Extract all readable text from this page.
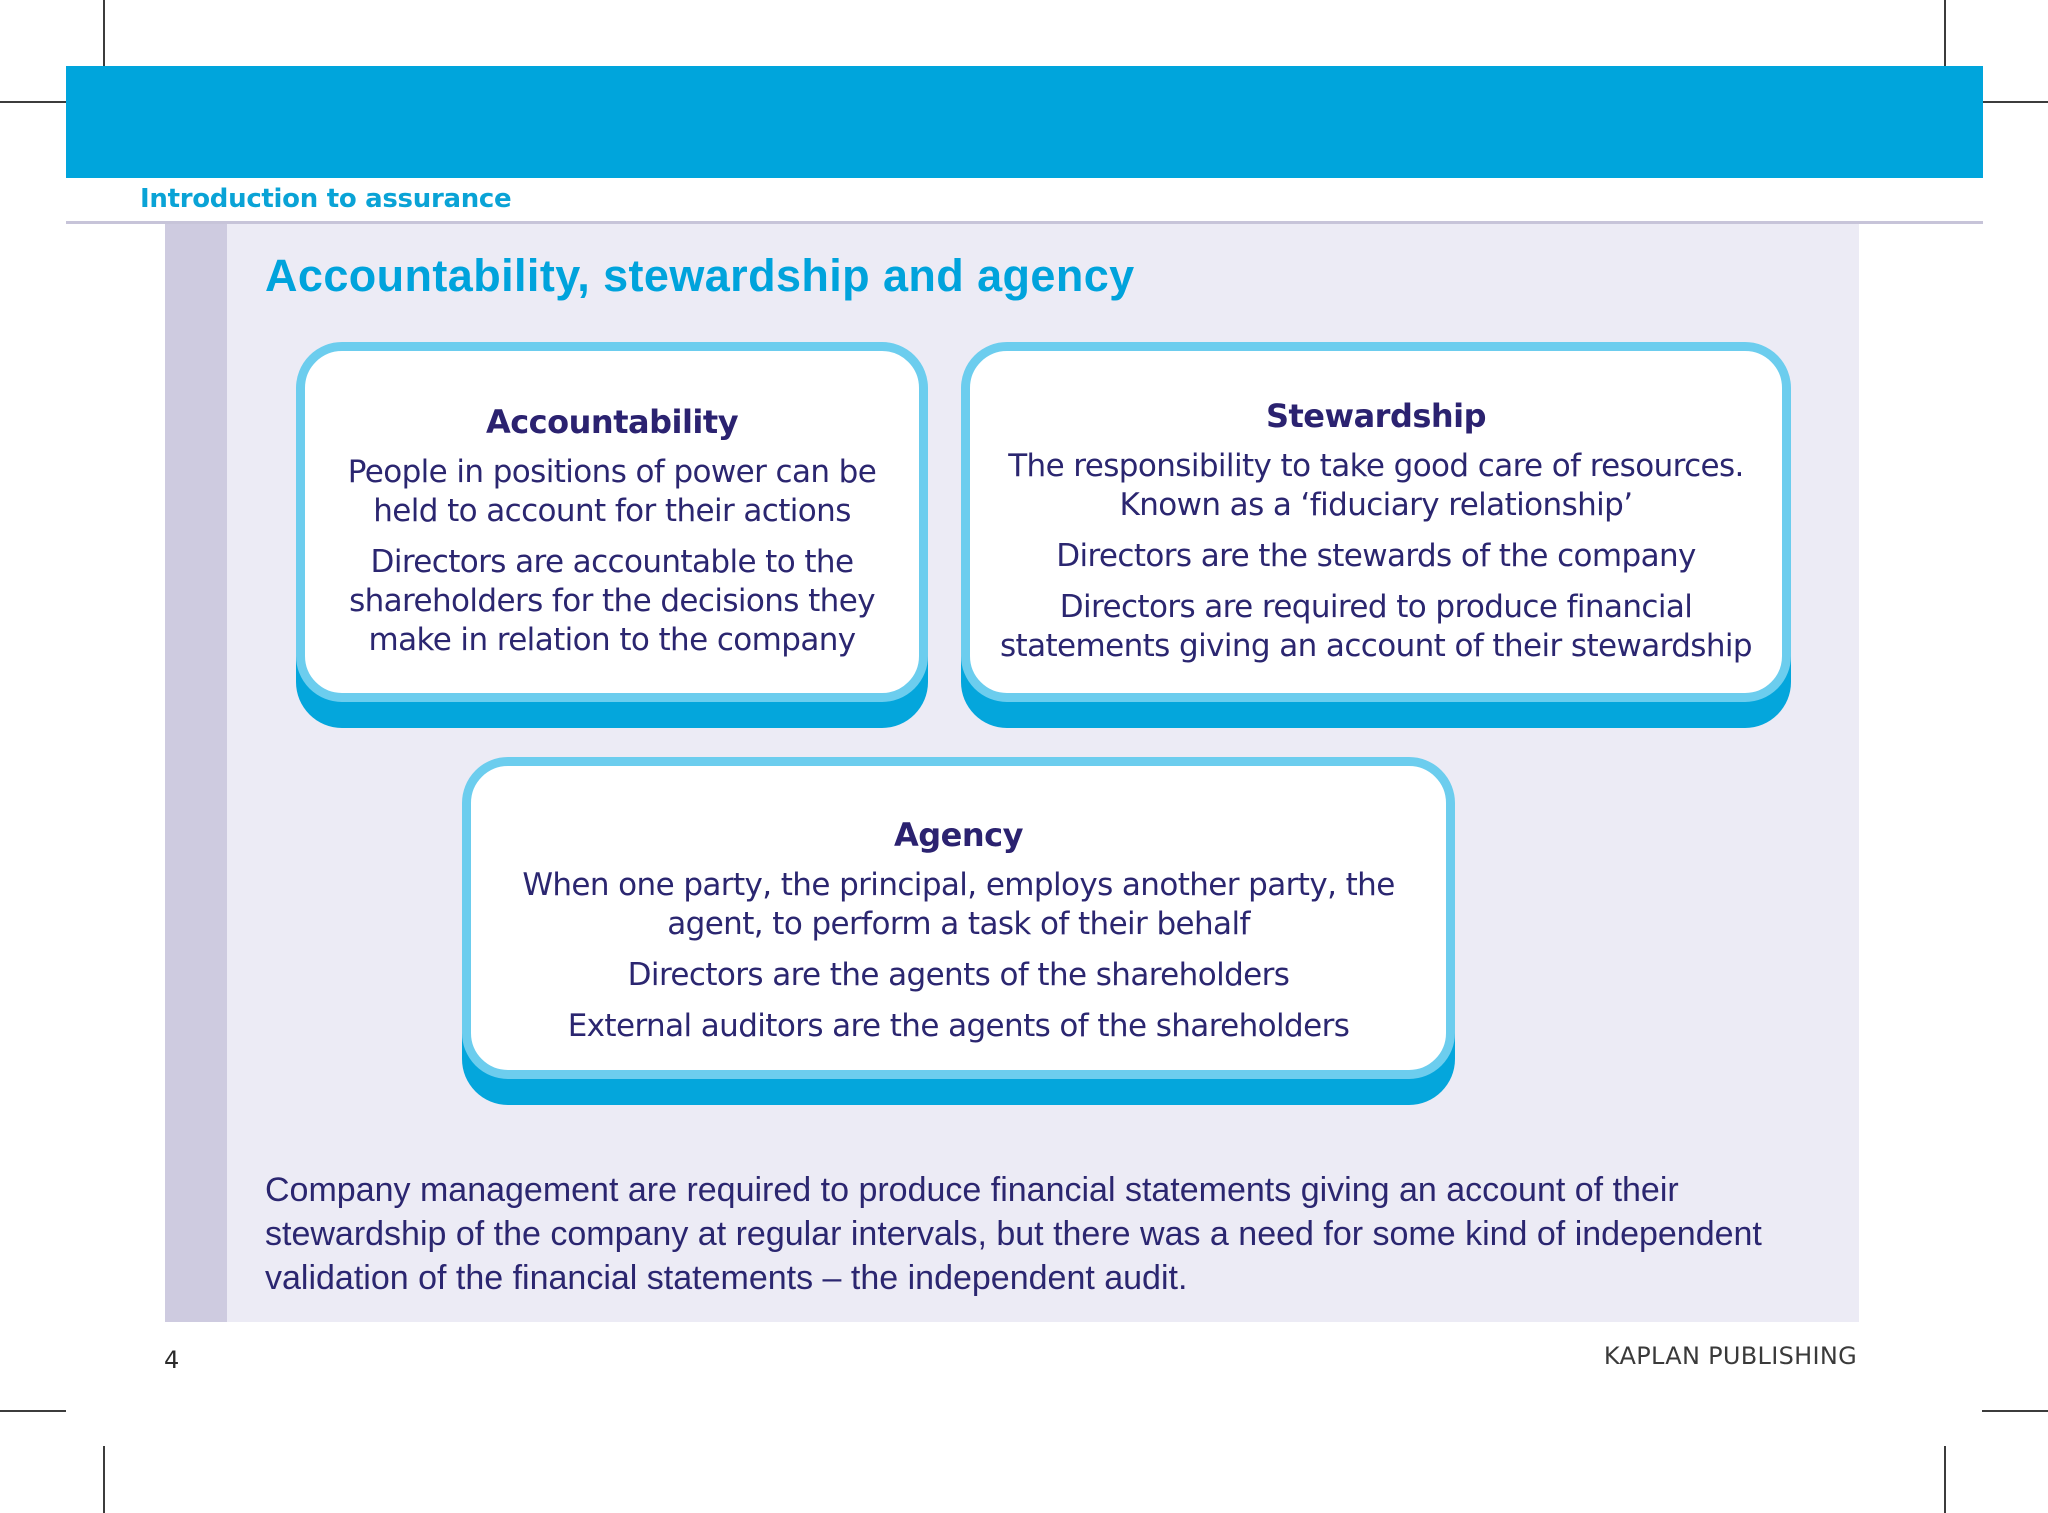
Introduction to assurance
Accountability, stewardship and agency
Accountability

People in positions of power can be held to account for their actions

Directors are accountable to the shareholders for the decisions they make in relation to the company

Stewardship

The responsibility to take good care of resources. Known as a ‘fiduciary relationship’

Directors are the stewards of the company

Directors are required to produce financial statements giving an account of their stewardship

Agency

When one party, the principal, employs another party, the agent, to perform a task of their behalf

Directors are the agents of the shareholders

External auditors are the agents of the shareholders

Company management are required to produce financial statements giving an account of their stewardship of the company at regular intervals, but there was a need for some kind of independent validation of the financial statements – the independent audit.

4	KAPLAN PUBLISHING
